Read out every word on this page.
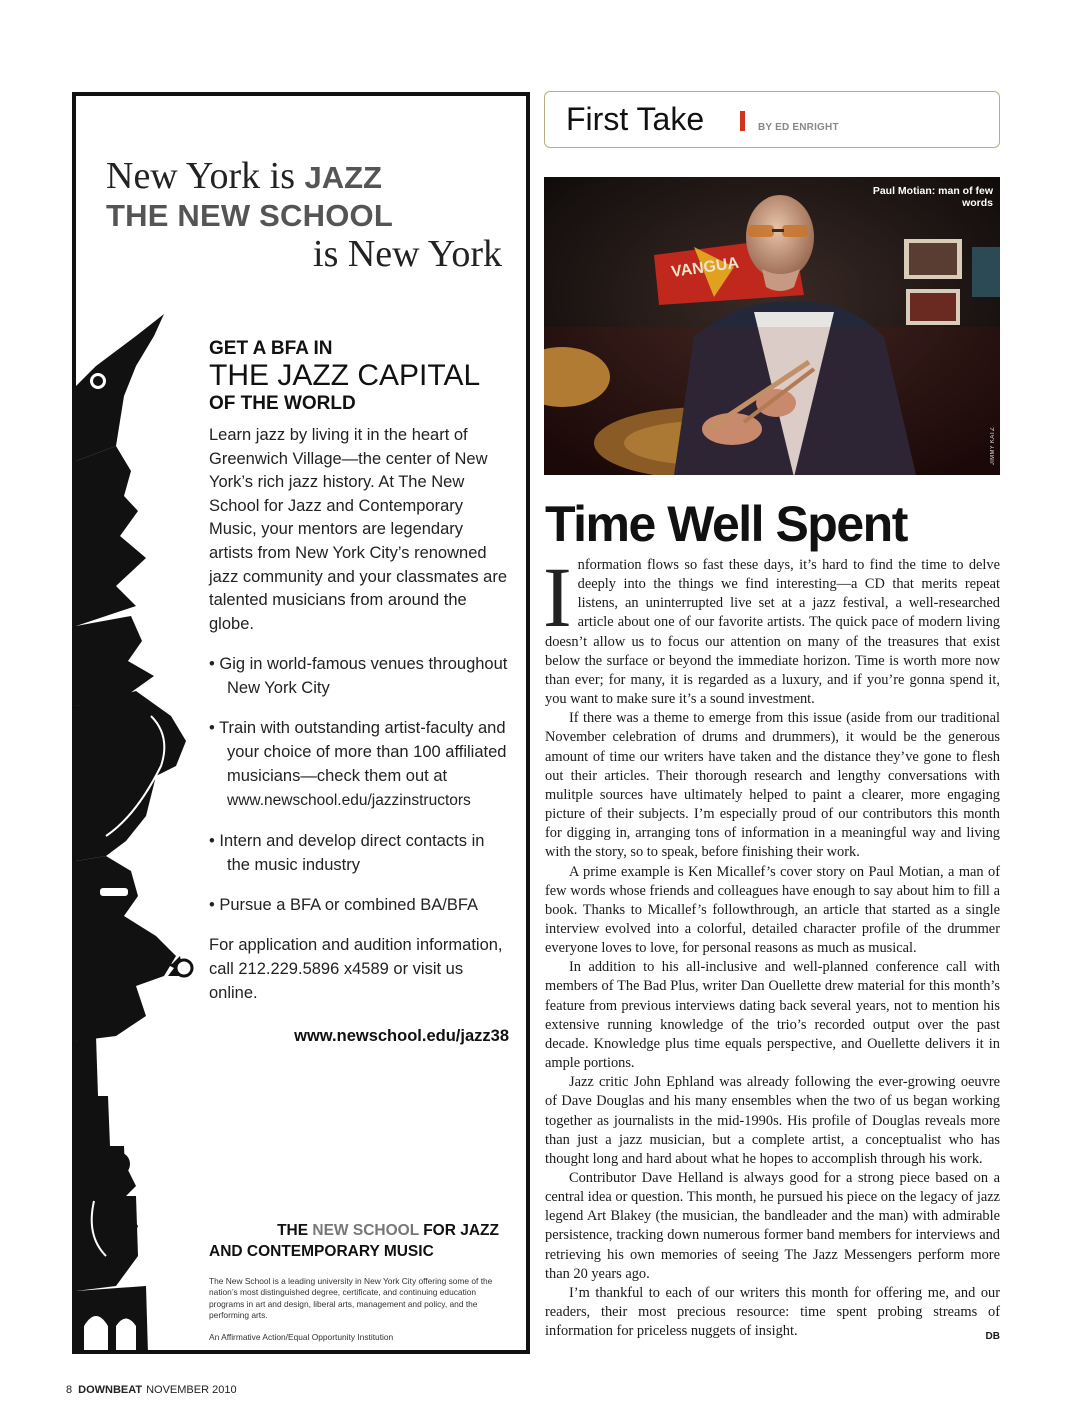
New York is JAZZ
THE NEW SCHOOL
is New York
GET A BFA IN
THE JAZZ CAPITAL
OF THE WORLD

Learn jazz by living it in the heart of Greenwich Village—the center of New York’s rich jazz history. At The New School for Jazz and Contemporary Music, your mentors are legendary artists from New York City’s renowned jazz community and your classmates are talented musicians from around the globe.

• Gig in world-famous venues throughout New York City
• Train with outstanding artist-faculty and your choice of more than 100 affiliated musicians—check them out at www.newschool.edu/jazzinstructors
• Intern and develop direct contacts in the music industry
• Pursue a BFA or combined BA/BFA

For application and audition information, call 212.229.5896 x4589 or visit us online.

www.newschool.edu/jazz38
THE NEW SCHOOL FOR JAZZ
AND CONTEMPORARY MUSIC

The New School is a leading university in New York City offering some of the nation’s most distinguished degree, certificate, and continuing education programs in art and design, liberal arts, management and policy, and the performing arts.

An Affirmative Action/Equal Opportunity Institution

First Take	BY ED ENRIGHT
VANGUA
Paul Motian: man of few words
JIMMY KATZ
Time Well Spent

Information flows so fast these days, it’s hard to find the time to delve deeply into the things we find interesting—a CD that merits repeat listens, an uninterrupted live set at a jazz festival, a well-researched article about one of our favorite artists. The quick pace of modern living doesn’t allow us to focus our attention on many of the treasures that exist below the surface or beyond the immediate horizon. Time is worth more now than ever; for many, it is regarded as a luxury, and if you’re gonna spend it, you want to make sure it’s a sound investment.

If there was a theme to emerge from this issue (aside from our traditional November celebration of drums and drummers), it would be the generous amount of time our writers have taken and the distance they’ve gone to flesh out their articles. Their thorough research and lengthy conversations with mulitple sources have ultimately helped to paint a clearer, more engaging picture of their subjects. I’m especially proud of our contributors this month for digging in, arranging tons of information in a meaningful way and living with the story, so to speak, before finishing their work.

A prime example is Ken Micallef’s cover story on Paul Motian, a man of few words whose friends and colleagues have enough to say about him to fill a book. Thanks to Micallef’s followthrough, an article that started as a single interview evolved into a colorful, detailed character profile of the drummer everyone loves to love, for personal reasons as much as musical.

In addition to his all-inclusive and well-planned conference call with members of The Bad Plus, writer Dan Ouellette drew material for this month’s feature from previous interviews dating back several years, not to mention his extensive running knowledge of the trio’s recorded output over the past decade. Knowledge plus time equals perspective, and Ouellette delivers it in ample portions.

Jazz critic John Ephland was already following the ever-growing oeuvre of Dave Douglas and his many ensembles when the two of us began working together as journalists in the mid-1990s. His profile of Douglas reveals more than just a jazz musician, but a complete artist, a conceptualist who has thought long and hard about what he hopes to accomplish through his work.

Contributor Dave Helland is always good for a strong piece based on a central idea or question. This month, he pursued his piece on the legacy of jazz legend Art Blakey (the musician, the bandleader and the man) with admirable persistence, tracking down numerous former band members for interviews and retrieving his own memories of seeing The Jazz Messengers perform more than 20 years ago.

I’m thankful to each of our writers this month for offering me, and our readers, their most precious resource: time spent probing streams of information for priceless nuggets of insight.	DB

8 DOWNBEAT NOVEMBER 2010
